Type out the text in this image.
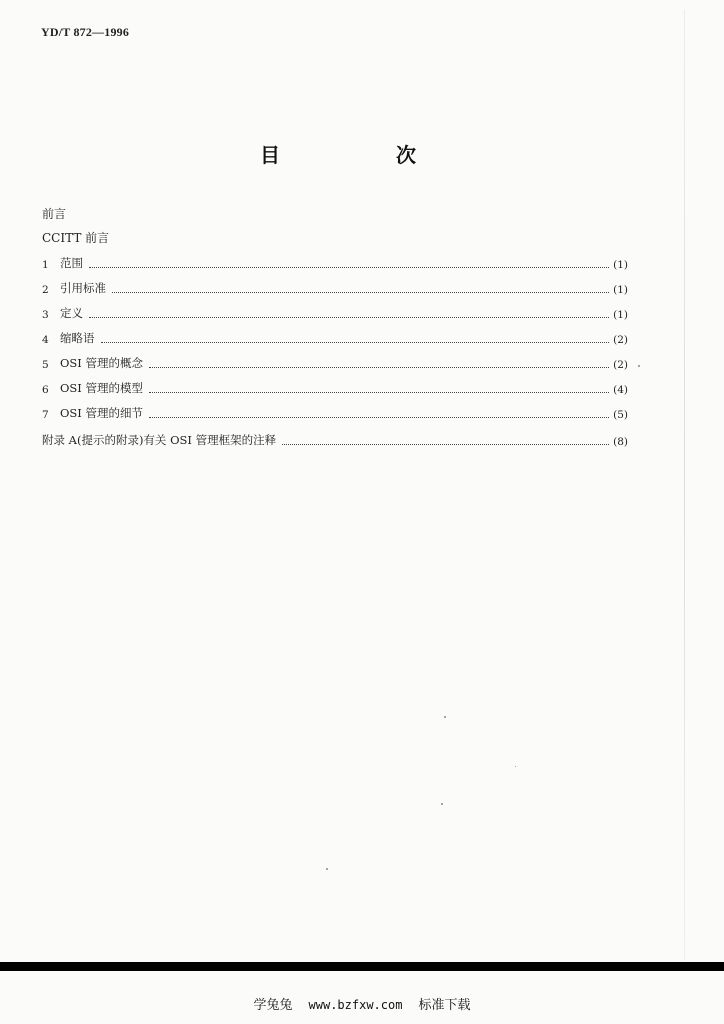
YD/T 872—1996
目　次
前言
CCITT 前言
1 范围	(1)
2 引用标准	(1)
3 定义	(1)
4 缩略语	(2)
5 OSI 管理的概念	(2)
6 OSI 管理的模型	(4)
7 OSI 管理的细节	(5)
附录 A(提示的附录)有关 OSI 管理框架的注释	(8)
学兔兔 www.bzfxw.com 标准下载
